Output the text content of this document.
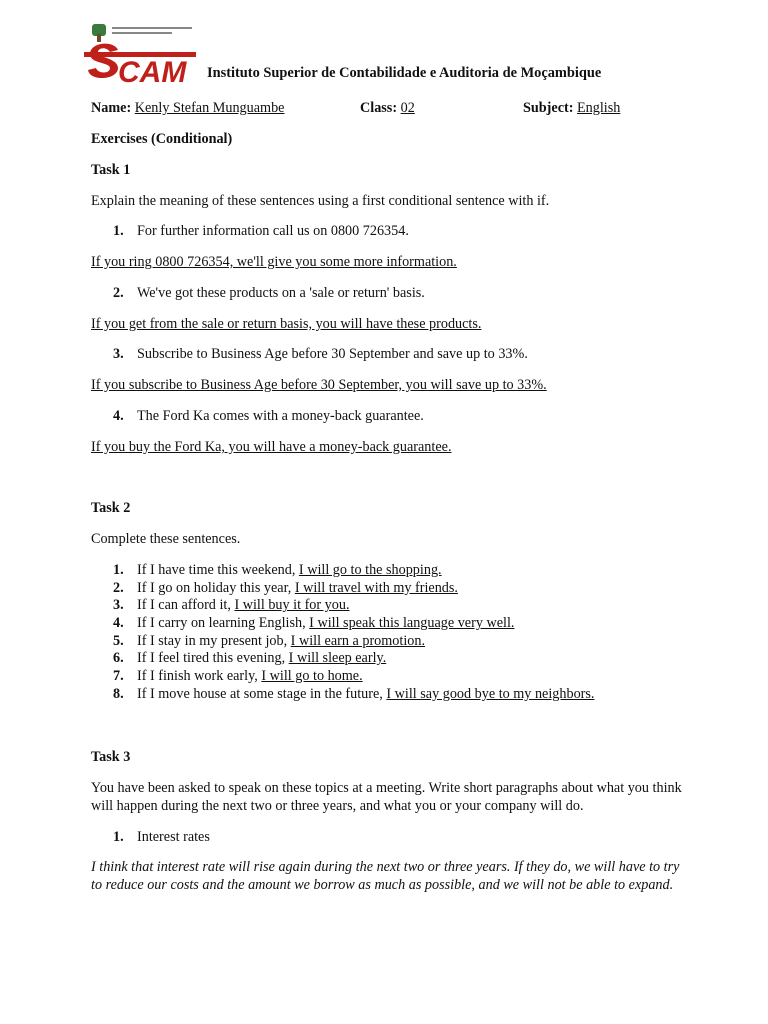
CAM Instituto Superior de Contabilidade e Auditoria de Moçambique
Name: Kenly Stefan Munguambe	Class: 02	Subject: English
Exercises (Conditional)
Task 1
Explain the meaning of these sentences using a first conditional sentence with if.
1. For further information call us on 0800 726354.
If you ring 0800 726354, we'll give you some more information.
2. We've got these products on a 'sale or return' basis.
If you get from the sale or return basis, you will have these products.
3. Subscribe to Business Age before 30 September and save up to 33%.
If you subscribe to Business Age before 30 September, you will save up to 33%.
4. The Ford Ka comes with a money-back guarantee.
If you buy the Ford Ka, you will have a money-back guarantee.
Task 2
Complete these sentences.
1. If I have time this weekend, I will go to the shopping.
2. If I go on holiday this year, I will travel with my friends.
3. If I can afford it, I will buy it for you.
4. If I carry on learning English, I will speak this language very well.
5. If I stay in my present job, I will earn a promotion.
6. If I feel tired this evening, I will sleep early.
7. If I finish work early, I will go to home.
8. If I move house at some stage in the future, I will say good bye to my neighbors.
Task 3
You have been asked to speak on these topics at a meeting. Write short paragraphs about what you think will happen during the next two or three years, and what you or your company will do.
1. Interest rates
I think that interest rate will rise again during the next two or three years. If they do, we will have to try to reduce our costs and the amount we borrow as much as possible, and we will not be able to expand.
